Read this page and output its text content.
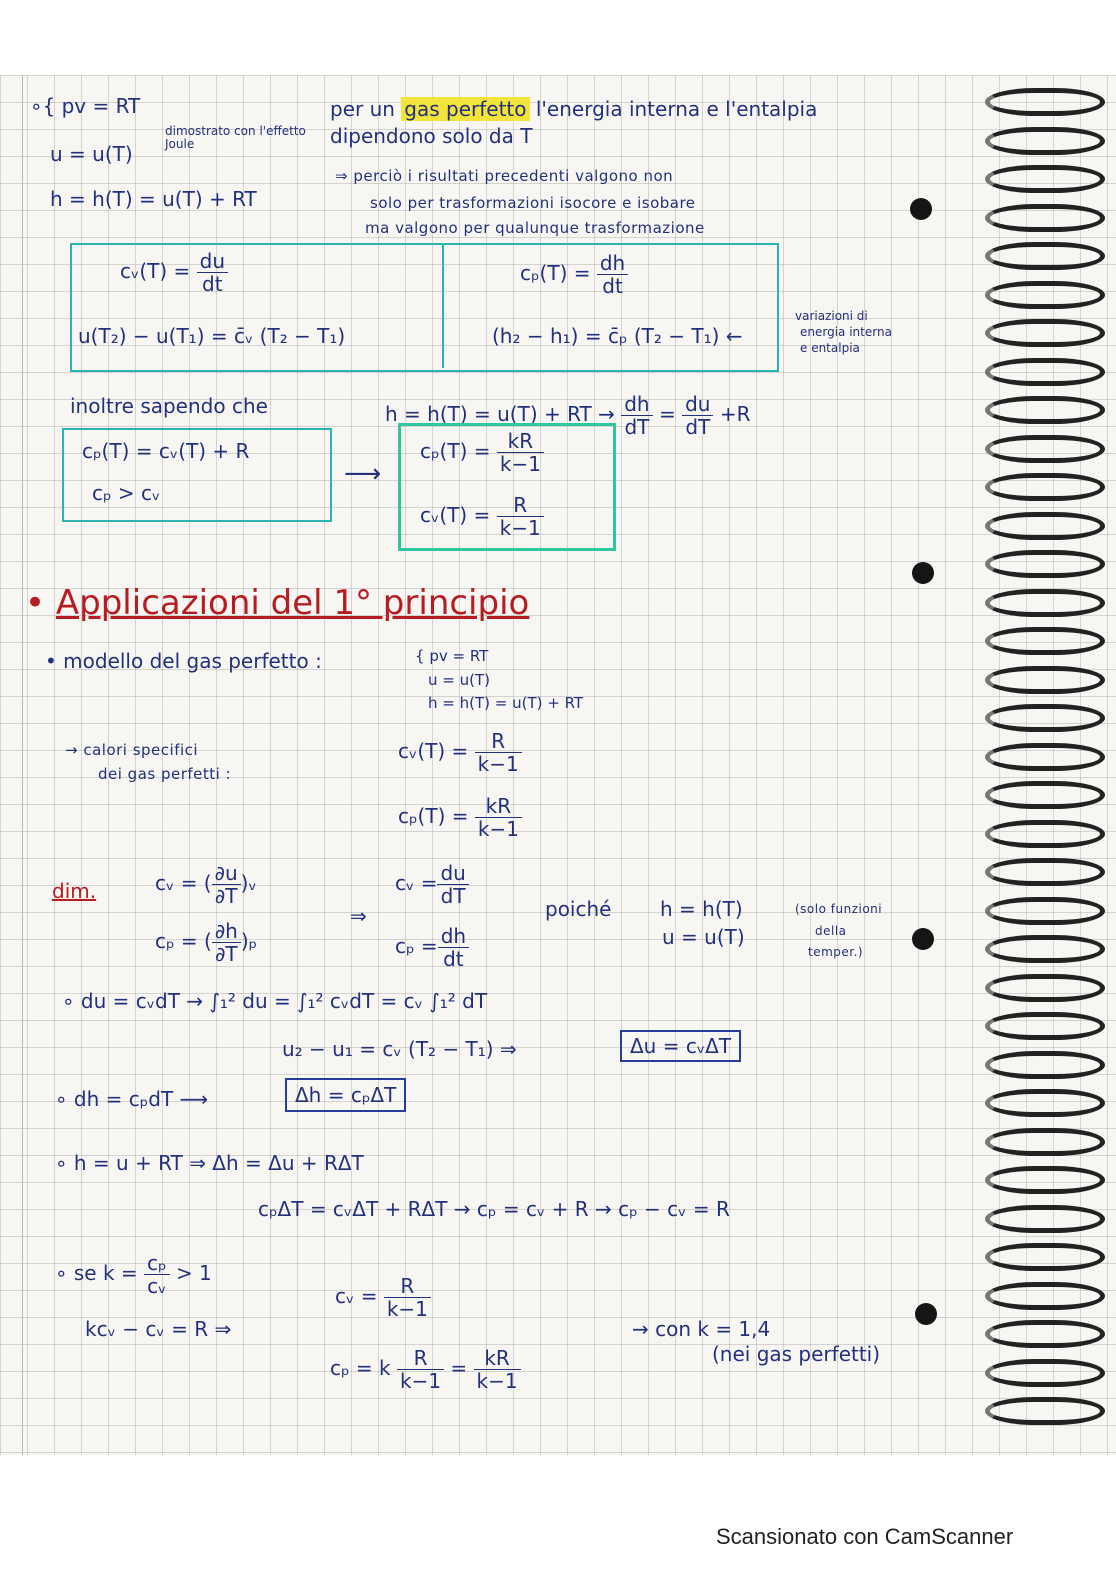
∘{ pv = RT
u = u(T)
h = h(T) = u(T) + RT
dimostrato con l'effetto Joule
per un gas perfetto l'energia interna e l'entalpia
dipendono solo da T
⇒ perciò i risultati precedenti valgono non
solo per trasformazioni isocore e isobare
ma valgono per qualunque trasformazione
cᵥ(T) = $\frac{du}{dt}$
u(T₂) − u(T₁) = c̄ᵥ (T₂ − T₁)
$c_p(T) = \frac{dh}{dt}$
(h₂ − h₁) = c̄ₚ (T₂ − T₁) ←
variazioni di
energia interna
e entalpia
inoltre sapendo che	h = h(T) = u(T) + RT → $\frac{dh}{dT} = \frac{du}{dT} +R$
cₚ(T) = cᵥ(T) + R
cₚ > cᵥ
⟶
$c_p(T) = \frac{kR}{k-1}$
cᵥ(T) = $\frac{R}{k-1}$
• Applicazioni del 1° principio
• modello del gas perfetto :	{ pv = RT
u = u(T)
h = h(T) = u(T) + RT
→ calori specifici
dei gas perfetti :
cᵥ(T) = $\frac{R}{k-1}$
$c_p(T) = \frac{kR}{k-1}$
dim.	cᵥ = ( $\frac{\partial u}{\partial T}$ )ᵥ
cₚ = ( $\frac{\partial h}{\partial T} )_p$
⇒
cᵥ = $\frac{du}{dT}$
$c_p = \frac{dh}{dt}$
poiché h = h(T)
u = u(T)
(solo funzioni
della
temper.)
∘ du = cᵥdT → ∫₁² du = ∫₁² cᵥdT = cᵥ ∫₁² dT
u₂ − u₁ = cᵥ (T₂ − T₁) ⇒	Δu = cᵥΔT
∘ dh = cₚdT ⟶	Δh = cₚΔT
∘ h = u + RT ⇒ Δh = Δu + RΔT
cₚΔT = cᵥΔT + RΔT → cₚ = cᵥ + R → cₚ − cᵥ = R
∘ se $k = \frac{\text{cₚ}}{\text{cᵥ}} > 1$
kcᵥ − cᵥ = R ⇒
cᵥ = $\frac{R}{k-1}$
cₚ = k $\frac{R}{k-1} = \frac{kR}{k-1}$
→ con k = 1,4
(nei gas perfetti)
Scansionato con CamScanner
